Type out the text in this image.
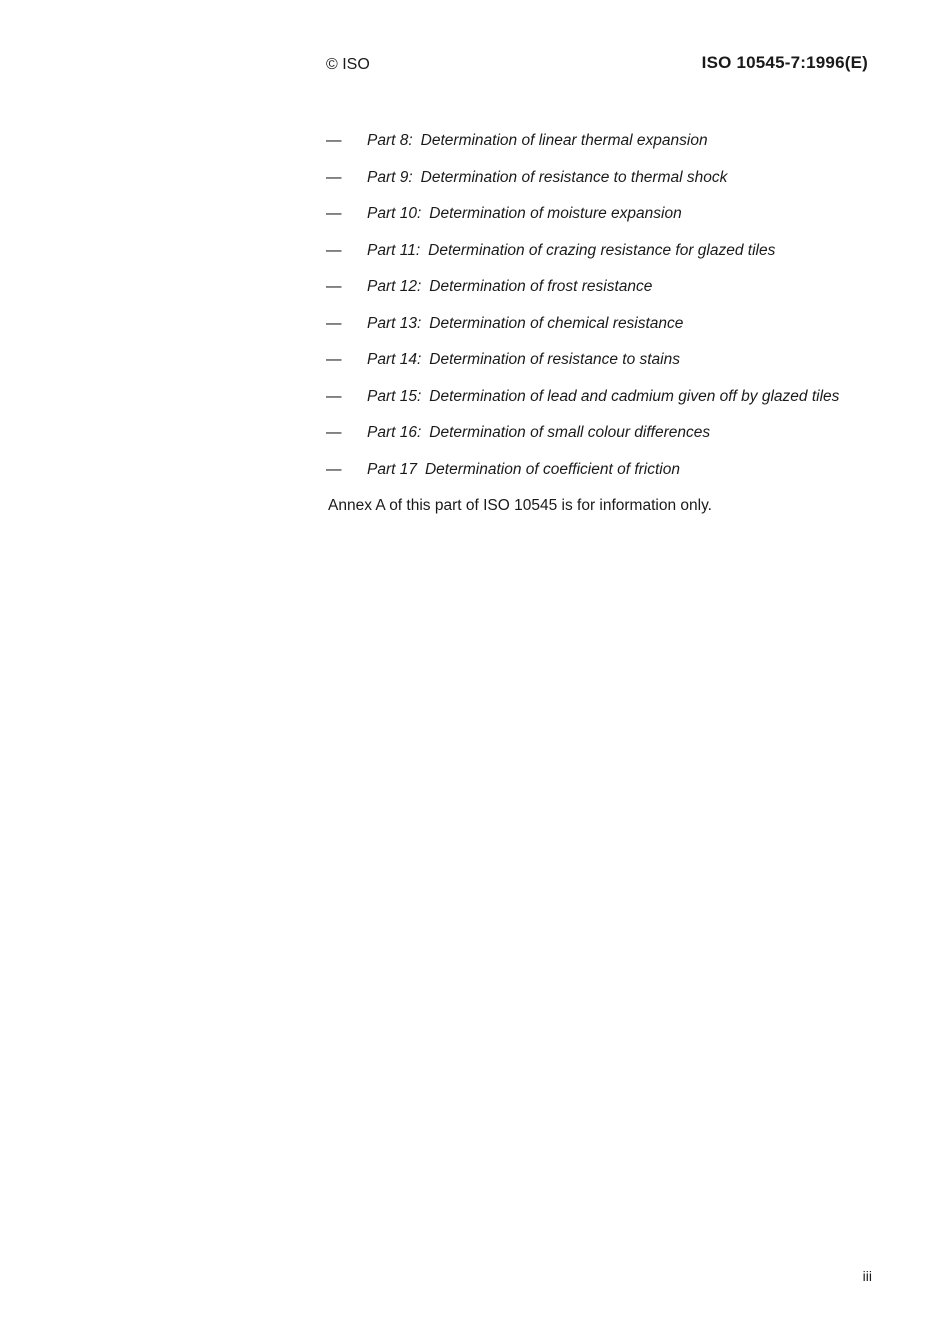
© ISO	ISO 10545-7:1996(E)
—	Part 8: Determination of linear thermal expansion
—	Part 9: Determination of resistance to thermal shock
—	Part 10: Determination of moisture expansion
—	Part 11: Determination of crazing resistance for glazed tiles
—	Part 12: Determination of frost resistance
—	Part 13: Determination of chemical resistance
—	Part 14: Determination of resistance to stains
—	Part 15: Determination of lead and cadmium given off by glazed tiles
—	Part 16: Determination of small colour differences
—	Part 17 Determination of coefficient of friction

Annex A of this part of ISO 10545 is for information only.

iii
